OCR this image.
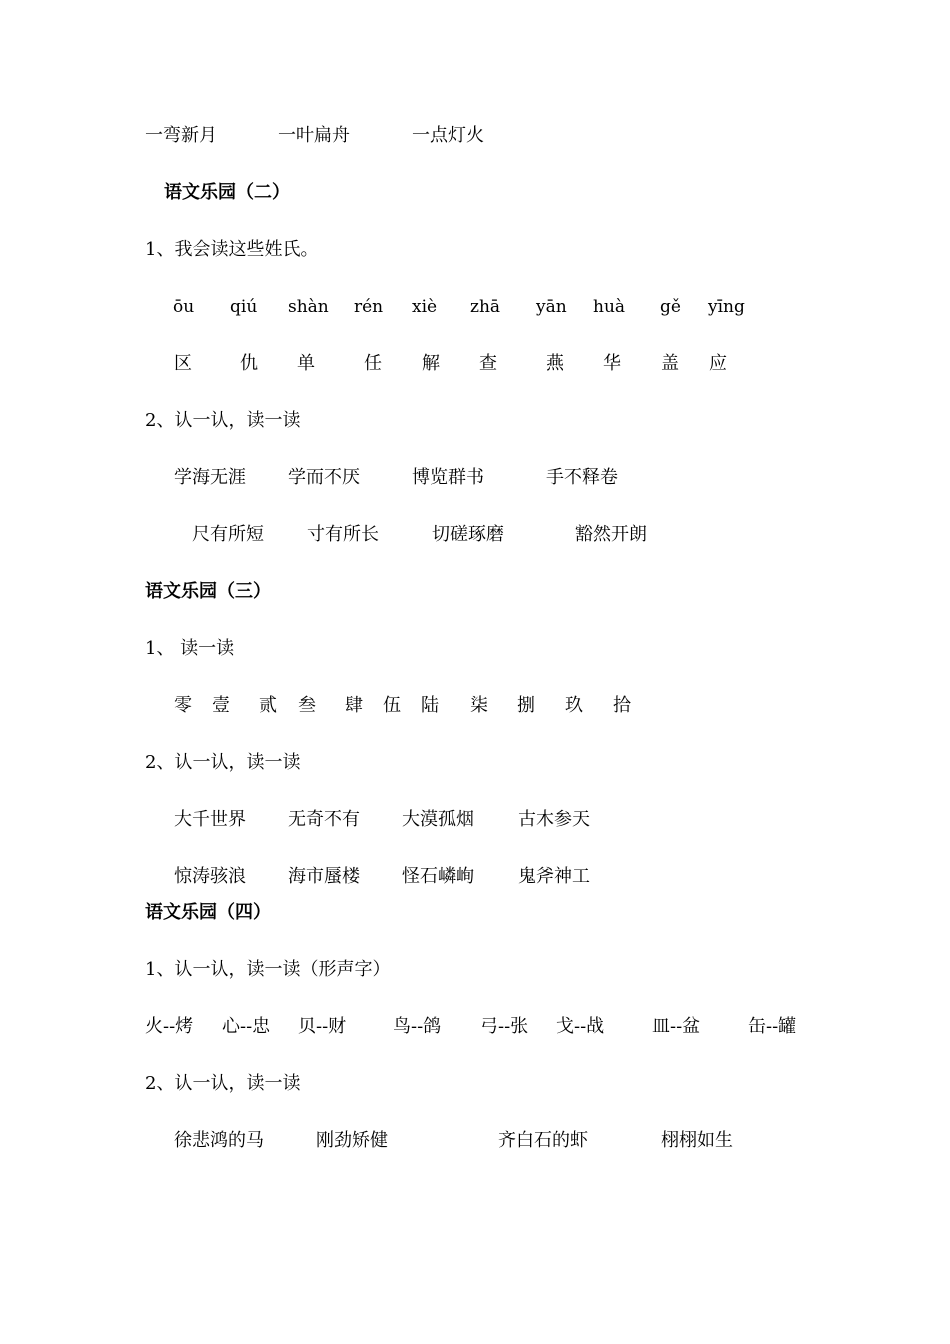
一弯新月	一叶扁舟	一点灯火
语文乐园（二）
1、我会读这些姓氏。
ōu qiú shàn rén xiè zhā yān huà gě yīng
区	仇 单	任 解 查	燕 华 盖 应
2、认一认，读一读
学海无涯 学而不厌	博览群书	手不释卷
尺有所短 寸有所长	切磋琢磨	豁然开朗
语文乐园（三）
1、 读一读
零 壹 贰 叁 肆 伍 陆 柒 捌 玖 拾
2、认一认，读一读
大千世界 无奇不有 大漠孤烟 古木参天
惊涛骇浪 海市蜃楼 怪石嶙峋 鬼斧神工
语文乐园（四）
1、认一认，读一读（形声字）
火--烤 心--忠 贝--财	鸟--鸽 弓--张 戈--战	皿--盆	缶--罐
2、认一认，读一读
徐悲鸿的马	刚劲矫健	齐白石的虾	栩栩如生
